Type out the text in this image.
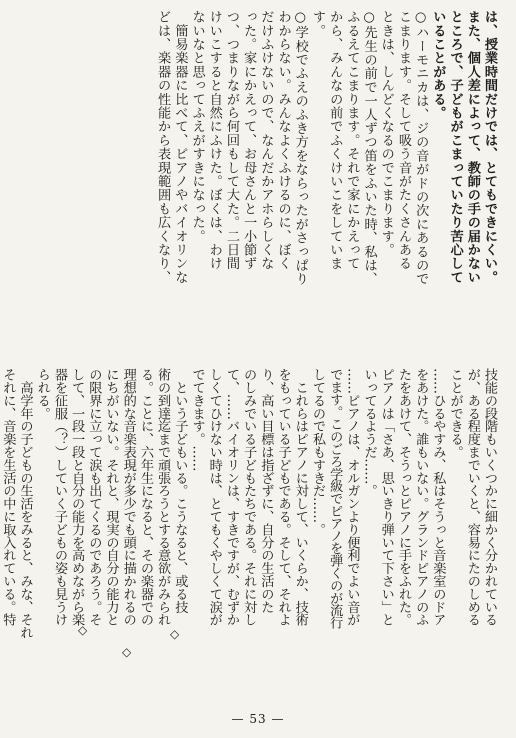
は、授業時間だけでは、とてもできにくい。
また、個人差によって、教師の手の届かない
ところで、子どもがこまっていたり苦心して
いることがある。
○ハーモニカは、ジの音がドの次にあるので
こまります。そして吸う音がたくさんある
ときは、しんどくなるのでこまります。
○先生の前で一人ずつ笛をふいた時、私は、
ふるえてこまります。それで家にかえって
から、みんなの前でふくけいこをしていま
す。
○学校でふえのふき方をならったがさっぱり
わからない。みんなよくふけるのに、ぼく
だけふけないので、なんだかアホらしくな
った。家にかえって、お母さんと一小節ず
つ、つまりながら何回もして大た。二日間
けいこすると自然にふけた。ぼくは、わけ
ないなと思ってふえがすきになった。
　簡易楽器に比べて、ピアノやバイオリンな
どは、楽器の性能から表現範囲も広くなり、
技能の段階もいくつかに細かく分かれている
が、ある程度までいくと、容易にたのしめる
ことができる。
……ひるやすみ、私はそうっと音楽室のドア
をあけた。誰もいない。グランドピアノのふ
たをあけて、そうっとピアノに手をふれた。
ピアノは「さあ、思いきり弾いて下さい」と
いってるようだ……。
……ピアノは、オルガンより便利でよい音が
でます。このごろ学級でピアノを弾くのが流行
してるので私もすきだ……。
　これらはピアノに対して、いくらか、技術
をもっている子どもである。そして、それよ
り、高い目標は指ざずに、自分の生活のた
のしみでいる子どもたちである。それに対し
て、……バイオリンは、すきですが、むずか
しくてひけない時は、とてもくやしくて涙が
でてきます。……
　という子どもいる。こうなると、或る技
術の到達迄まで頑張ろうとする意欲がみられ
る。ことに、六年生になると、その楽器での
理想的な音楽表現が多少でも頭に描かれるの
にちがいない。それと、現実の自分の能力と
の限界に立って涙も出てくるのであろう。そ
して、一段一段と自分の能力を高めながら楽
器を征服（？）していく子どもの姿も見うけ
られる。
　高学年の子どもの生活をみると、みな、それ
それに、音楽を生活の中に取入れている。特
◇
◇
◇
— 53 —
